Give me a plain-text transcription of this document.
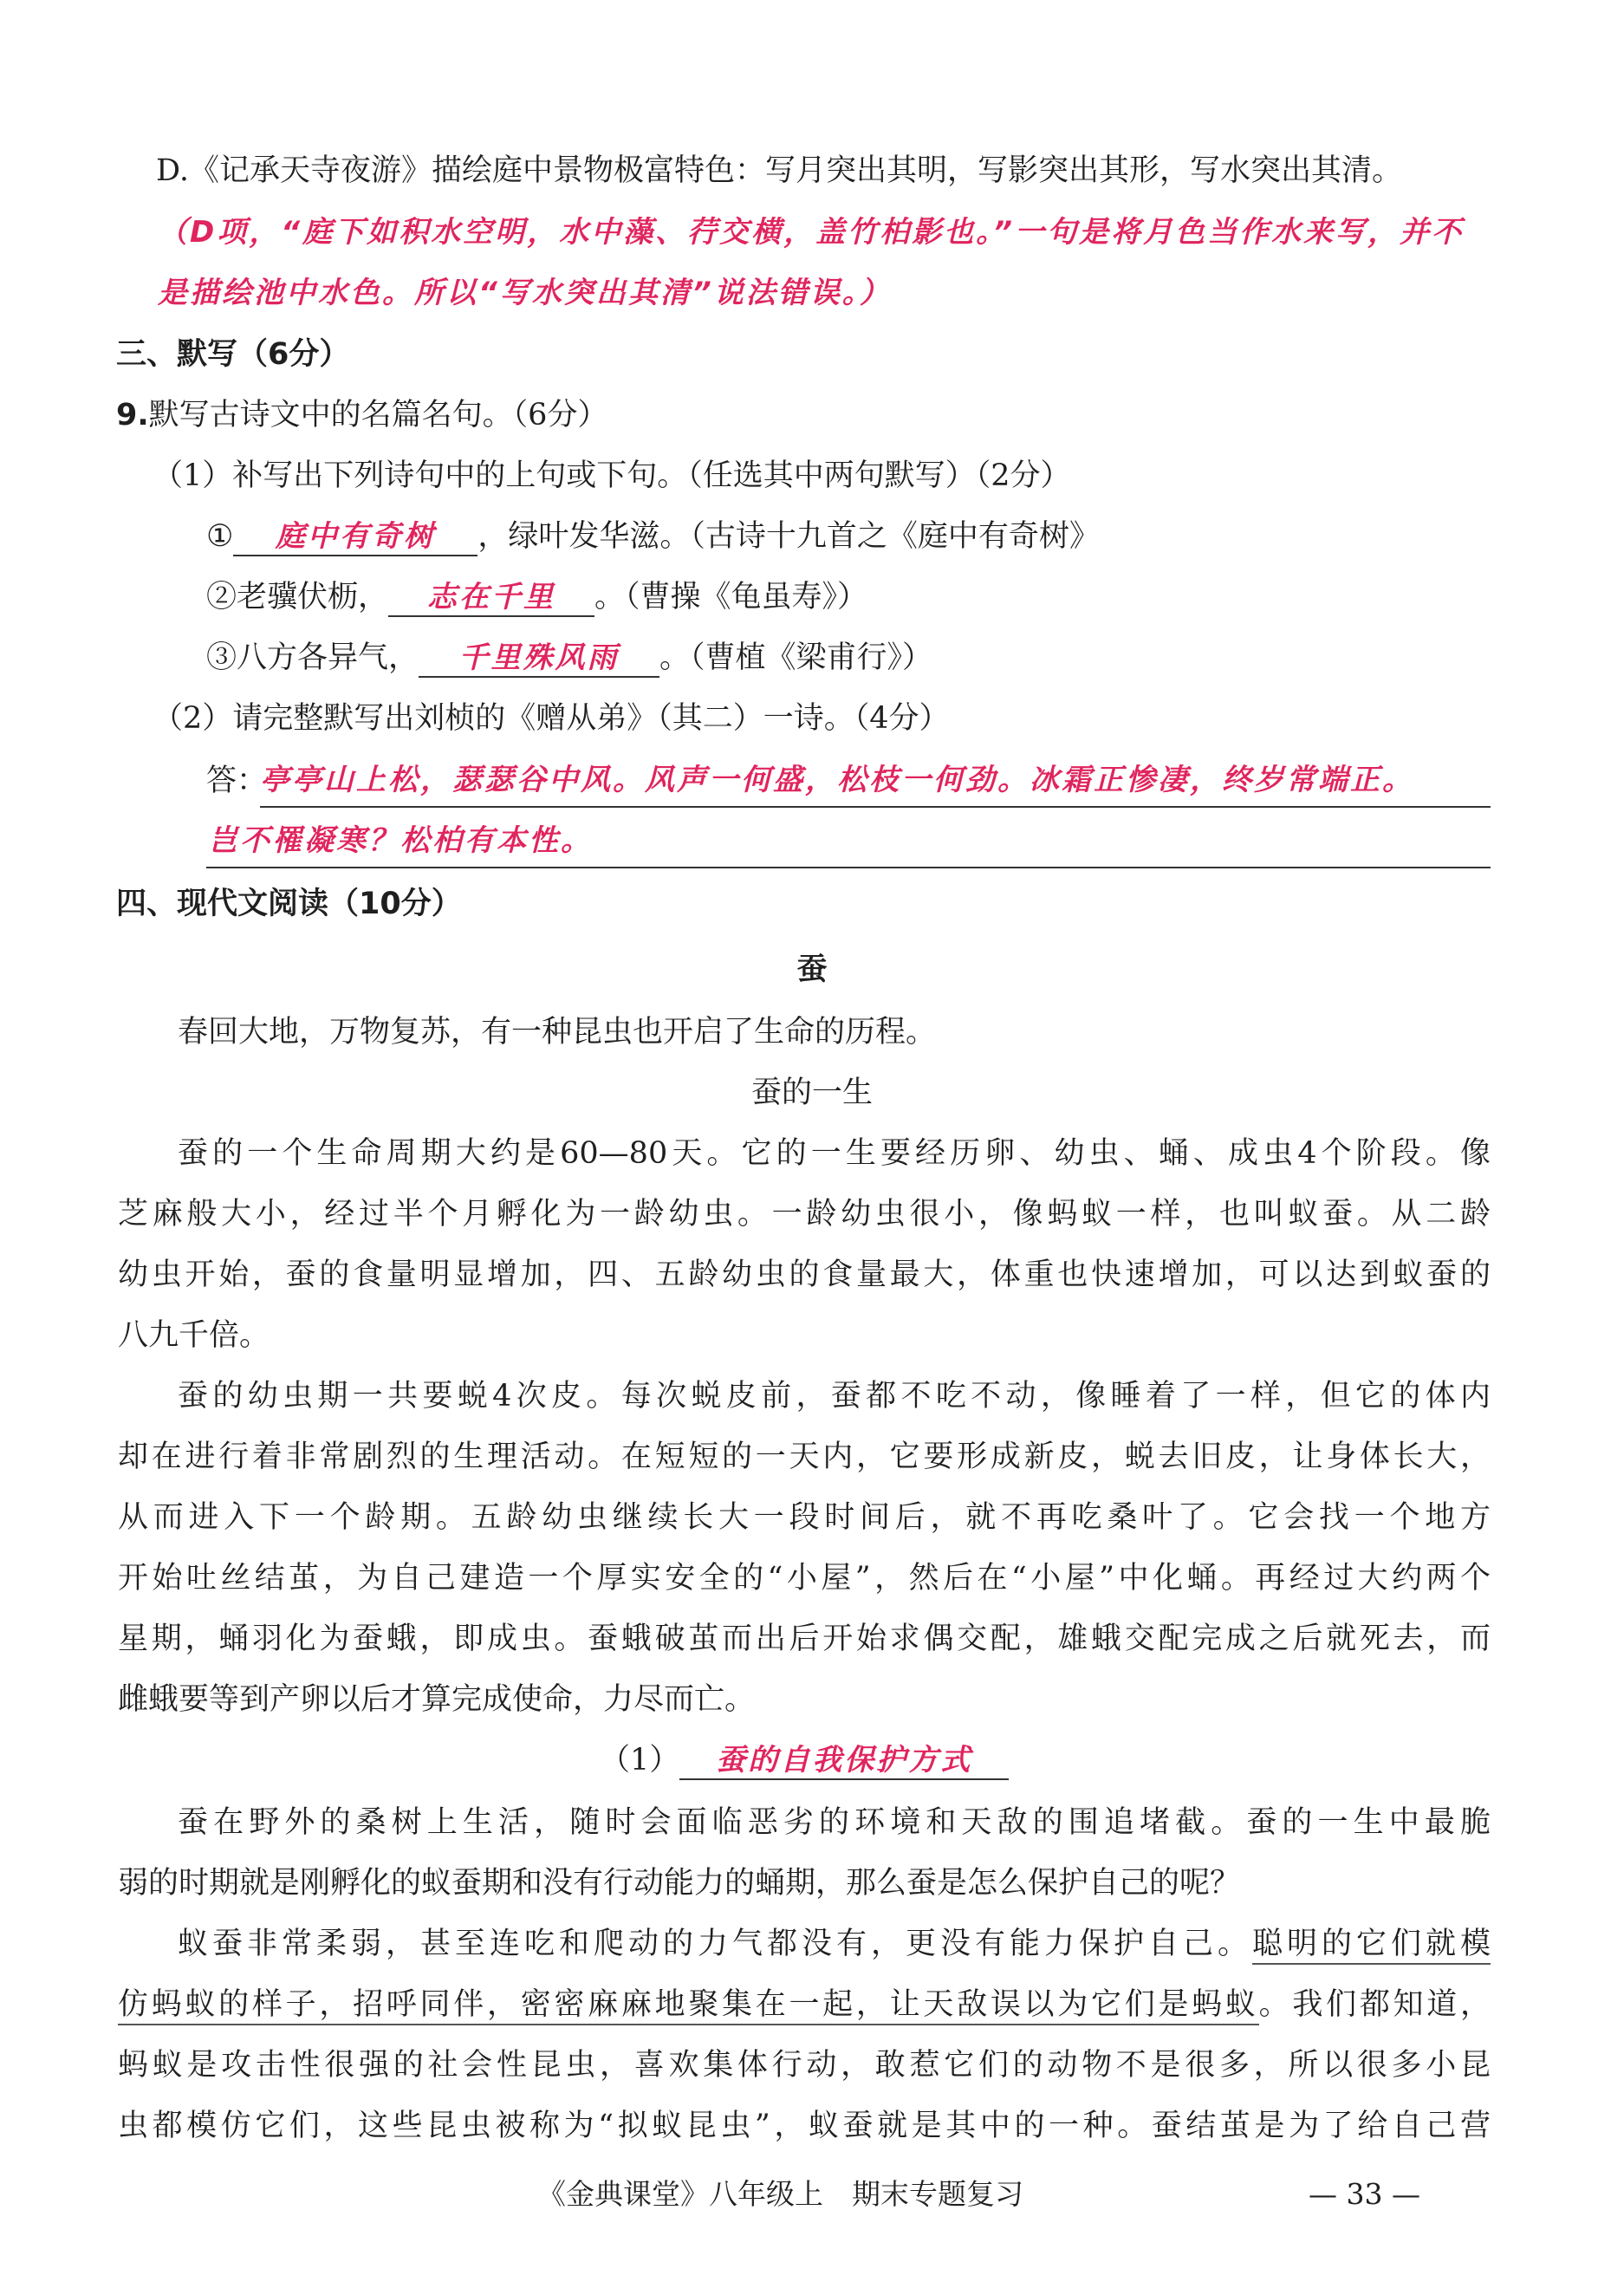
D.《记承天寺夜游》描绘庭中景物极富特色：写月突出其明，写影突出其形，写水突出其清。
（D项，“庭下如积水空明，水中藻、荇交横，盖竹柏影也。”一句是将月色当作水来写，并不
是描绘池中水色。所以“写水突出其清”说法错误。）
三、默写（6分）
9.默写古诗文中的名篇名句。（6分）
（1）补写出下列诗句中的上句或下句。（任选其中两句默写）（2分）
① 庭中有奇树 ，绿叶发华滋。（古诗十九首之《庭中有奇树》
②老骥伏枥， 志在千里 。（曹操《龟虽寿》）
③八方各异气， 千里殊风雨 。（曹植《梁甫行》）
（2）请完整默写出刘桢的《赠从弟》（其二）一诗。（4分）
答：
亭亭山上松，瑟瑟谷中风。风声一何盛，松枝一何劲。冰霜正惨凄，终岁常端正。
岂不罹凝寒？松柏有本性。
四、现代文阅读（10分）
蚕
春回大地，万物复苏，有一种昆虫也开启了生命的历程。
蚕的一生
蚕的一个生命周期大约是60—80天。它的一生要经历卵、幼虫、蛹、成虫4个阶段。像
芝麻般大小，经过半个月孵化为一龄幼虫。一龄幼虫很小，像蚂蚁一样，也叫蚁蚕。从二龄
幼虫开始，蚕的食量明显增加，四、五龄幼虫的食量最大，体重也快速增加，可以达到蚁蚕的
八九千倍。
蚕的幼虫期一共要蜕4次皮。每次蜕皮前，蚕都不吃不动，像睡着了一样，但它的体内
却在进行着非常剧烈的生理活动。在短短的一天内，它要形成新皮，蜕去旧皮，让身体长大，
从而进入下一个龄期。五龄幼虫继续长大一段时间后，就不再吃桑叶了。它会找一个地方
开始吐丝结茧，为自己建造一个厚实安全的“小屋”，然后在“小屋”中化蛹。再经过大约两个
星期，蛹羽化为蚕蛾，即成虫。蚕蛾破茧而出后开始求偶交配，雄蛾交配完成之后就死去，而
雌蛾要等到产卵以后才算完成使命，力尽而亡。
（1） 蚕的自我保护方式
蚕在野外的桑树上生活，随时会面临恶劣的环境和天敌的围追堵截。蚕的一生中最脆
弱的时期就是刚孵化的蚁蚕期和没有行动能力的蛹期，那么蚕是怎么保护自己的呢？
蚁蚕非常柔弱，甚至连吃和爬动的力气都没有，更没有能力保护自己。聪明的它们就模
仿蚂蚁的样子，招呼同伴，密密麻麻地聚集在一起，让天敌误以为它们是蚂蚁。我们都知道，
蚂蚁是攻击性很强的社会性昆虫，喜欢集体行动，敢惹它们的动物不是很多，所以很多小昆
虫都模仿它们，这些昆虫被称为“拟蚁昆虫”，蚁蚕就是其中的一种。蚕结茧是为了给自己营
《金典课堂》八年级上　期末专题复习	— 33 —
